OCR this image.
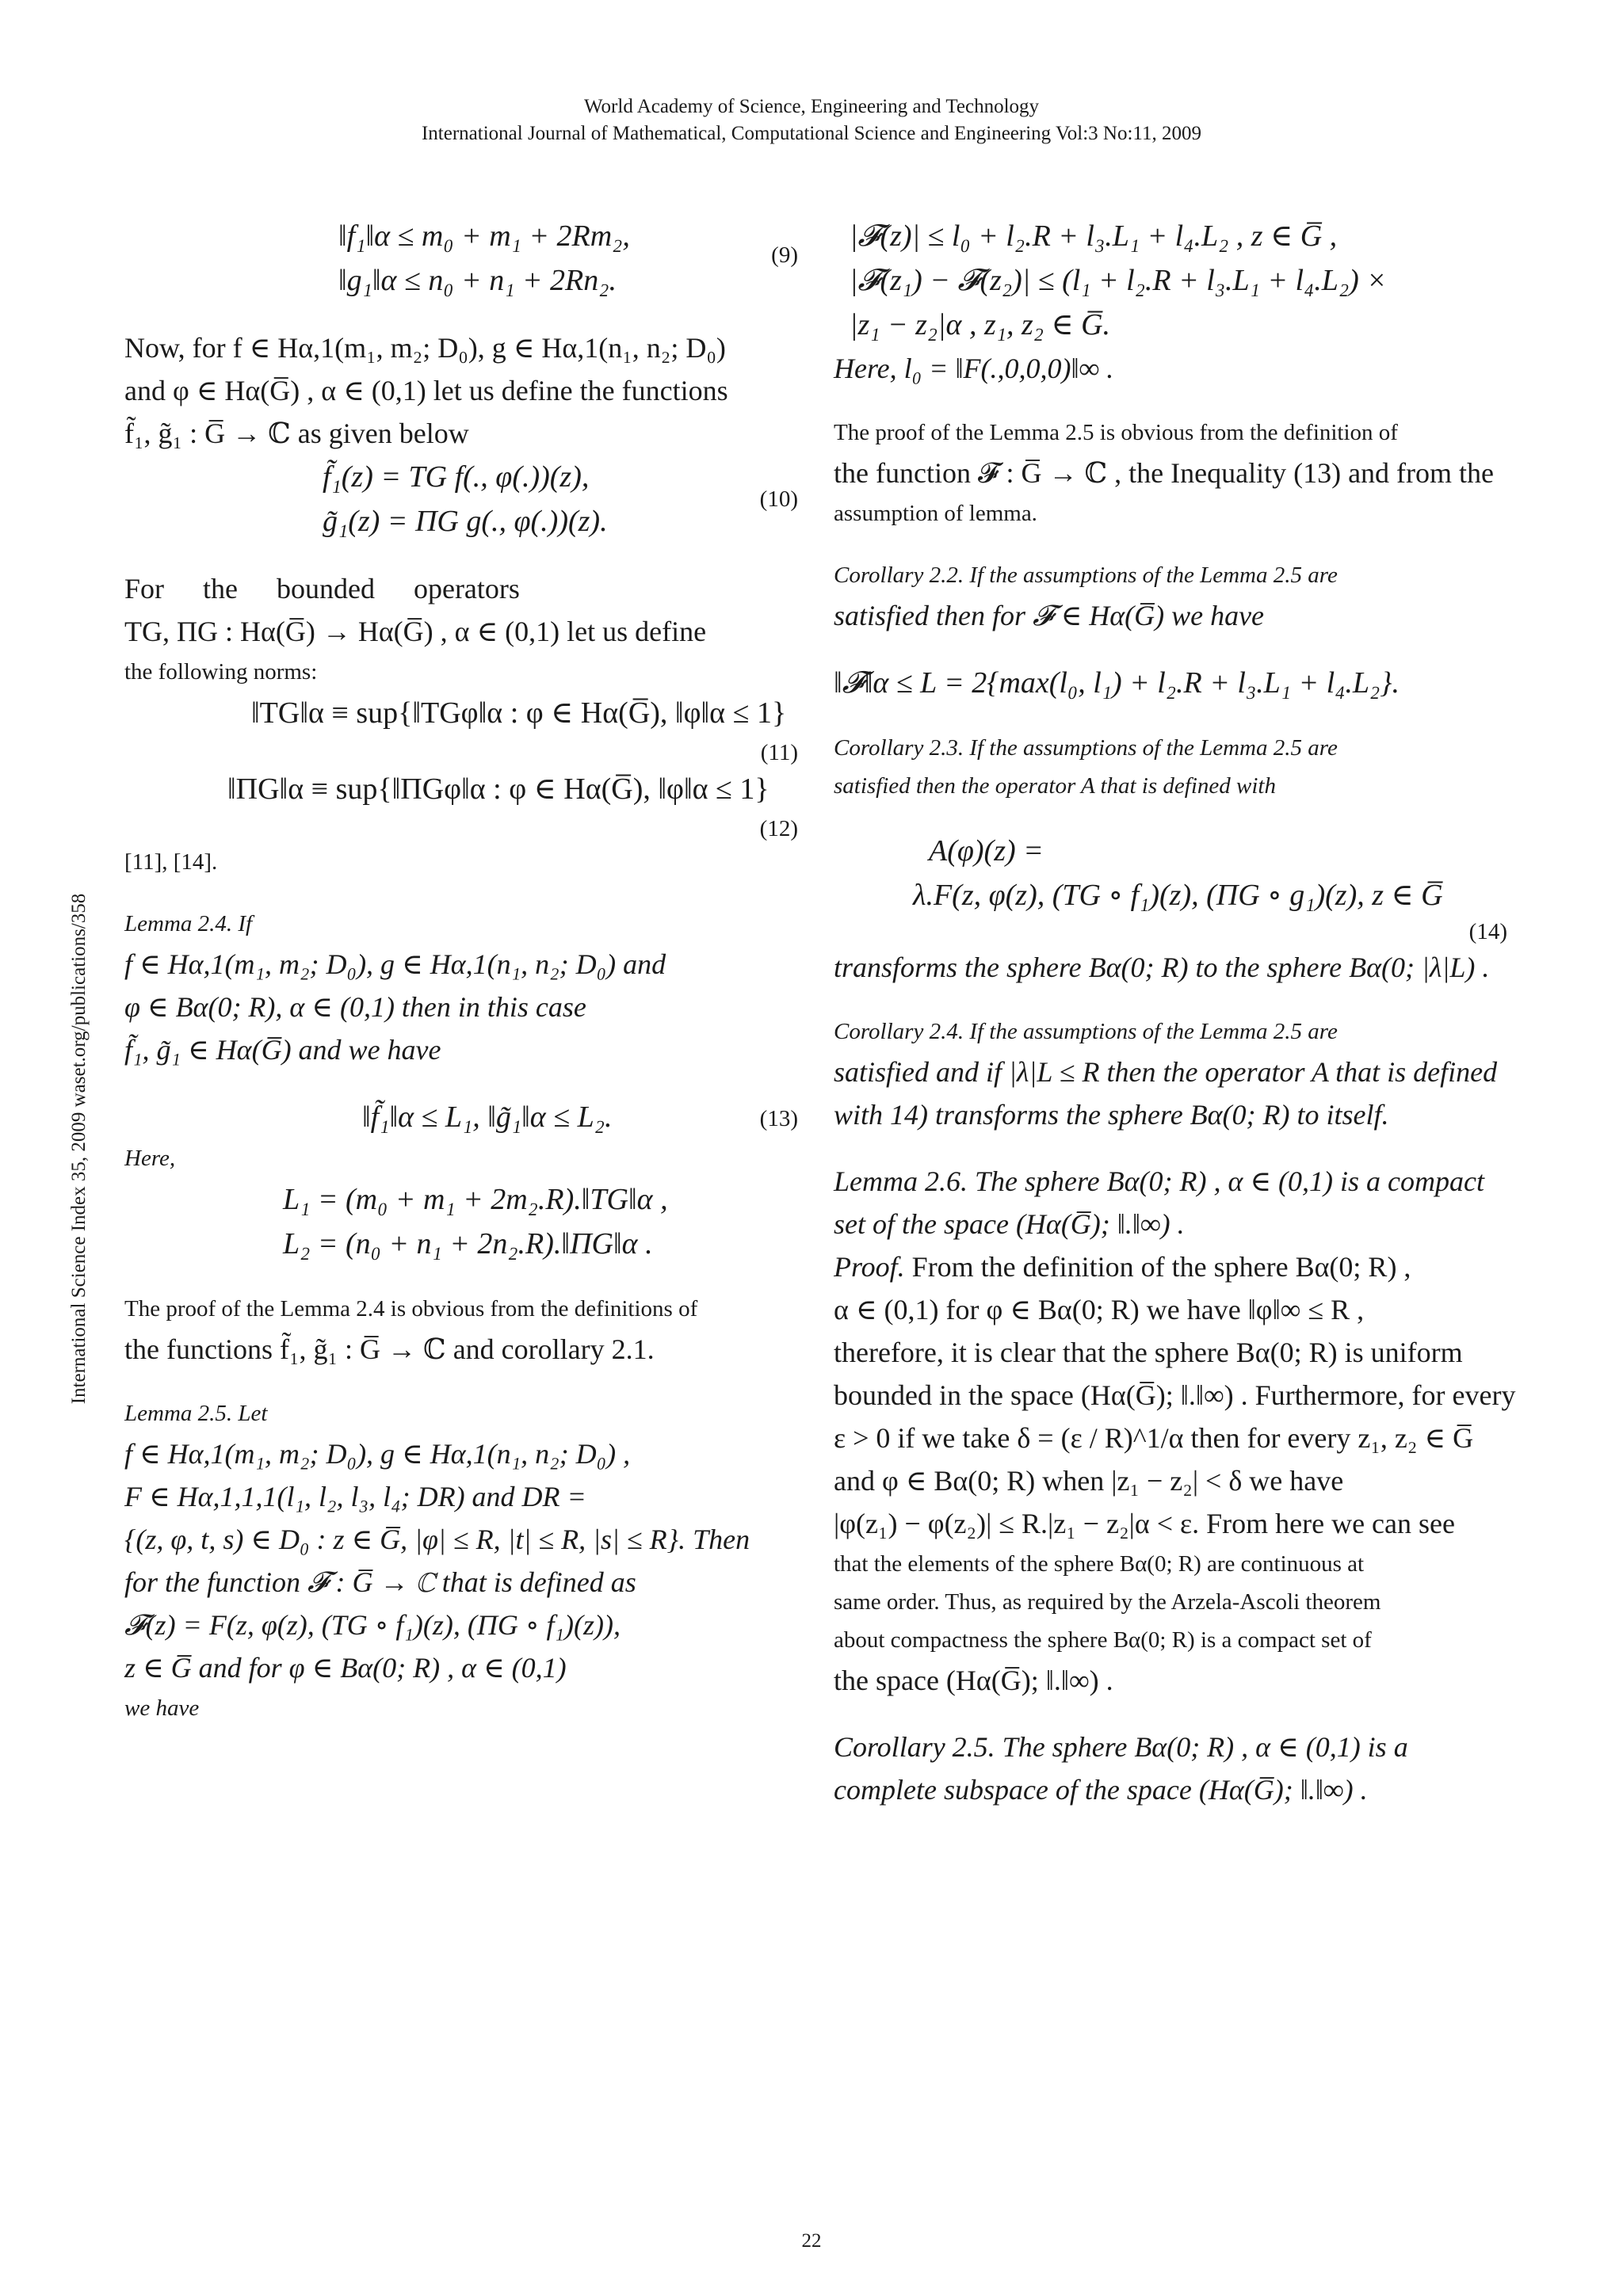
World Academy of Science, Engineering and Technology
International Journal of Mathematical, Computational Science and Engineering Vol:3 No:11, 2009
International Science Index 35, 2009 waset.org/publications/358
‖f₁‖α ≤ m₀ + m₁ + 2Rm₂,
‖g₁‖α ≤ n₀ + n₁ + 2Rn₂.
(9)
Now, for f ∈ Hα,1(m₁, m₂; D₀), g ∈ Hα,1(n₁, n₂; D₀)
and φ ∈ Hα(G̅) , α ∈ (0,1) let us define the functions
f̃₁, g̃₁ : G̅ → ℂ as given below
f̃₁(z) = TG f(., φ(.))(z),
g̃₁(z) = ΠG g(., φ(.))(z).
(10)
For the bounded operators
TG, ΠG : Hα(G̅) → Hα(G̅) , α ∈ (0,1) let us define
the following norms:
‖TG‖α ≡ sup{‖TGφ‖α : φ ∈ Hα(G̅), ‖φ‖α ≤ 1}
(11)
‖ΠG‖α ≡ sup{‖ΠGφ‖α : φ ∈ Hα(G̅), ‖φ‖α ≤ 1}
(12)
[11], [14].
Lemma 2.4. If
f ∈ Hα,1(m₁, m₂; D₀), g ∈ Hα,1(n₁, n₂; D₀) and
φ ∈ Bα(0; R), α ∈ (0,1) then in this case
f̃₁, g̃₁ ∈ Hα(G̅) and we have
‖f̃₁‖α ≤ L₁, ‖g̃₁‖α ≤ L₂.	(13)
Here,
L₁ = (m₀ + m₁ + 2m₂.R).‖TG‖α ,
L₂ = (n₀ + n₁ + 2n₂.R).‖ΠG‖α .
The proof of the Lemma 2.4 is obvious from the definitions of
the functions f̃₁, g̃₁ : G̅ → ℂ and corollary 2.1.
Lemma 2.5. Let
f ∈ Hα,1(m₁, m₂; D₀), g ∈ Hα,1(n₁, n₂; D₀) ,
F ∈ Hα,1,1,1(l₁, l₂, l₃, l₄; DR) and DR =
{(z, φ, t, s) ∈ D₀ : z ∈ G̅, |φ| ≤ R, |t| ≤ R, |s| ≤ R}. Then
for the function 𝓕 : G̅ → ℂ that is defined as
𝓕(z) = F(z, φ(z), (TG ∘ f₁)(z), (ΠG ∘ f₁)(z)),
z ∈ G̅ and for φ ∈ Bα(0; R) , α ∈ (0,1)
we have
|𝓕(z)| ≤ l₀ + l₂.R + l₃.L₁ + l₄.L₂ , z ∈ G̅ ,
|𝓕(z₁) − 𝓕(z₂)| ≤ (l₁ + l₂.R + l₃.L₁ + l₄.L₂) ×
|z₁ − z₂|α , z₁, z₂ ∈ G̅.
Here, l₀ = ‖F(.,0,0,0)‖∞ .
The proof of the Lemma 2.5 is obvious from the definition of
the function 𝓕 : G̅ → ℂ , the Inequality (13) and from the
assumption of lemma.
Corollary 2.2. If the assumptions of the Lemma 2.5 are
satisfied then for 𝓕 ∈ Hα(G̅) we have
‖𝓕‖α ≤ L = 2{max(l₀, l₁) + l₂.R + l₃.L₁ + l₄.L₂}.
Corollary 2.3. If the assumptions of the Lemma 2.5 are
satisfied then the operator A that is defined with
A(φ)(z) =
λ.F(z, φ(z), (TG ∘ f₁)(z), (ΠG ∘ g₁)(z), z ∈ G̅
(14)
transforms the sphere Bα(0; R) to the sphere Bα(0; |λ|L) .
Corollary 2.4. If the assumptions of the Lemma 2.5 are
satisfied and if |λ|L ≤ R then the operator A that is defined
with 14) transforms the sphere Bα(0; R) to itself.
Lemma 2.6. The sphere Bα(0; R) , α ∈ (0,1) is a compact
set of the space (Hα(G̅); ‖.‖∞) .
Proof. From the definition of the sphere Bα(0; R) ,
α ∈ (0,1) for φ ∈ Bα(0; R) we have ‖φ‖∞ ≤ R ,
therefore, it is clear that the sphere Bα(0; R) is uniform
bounded in the space (Hα(G̅); ‖.‖∞) . Furthermore, for every
ε > 0 if we take δ = (ε / R)^1/α then for every z₁, z₂ ∈ G̅
and φ ∈ Bα(0; R) when |z₁ − z₂| < δ we have
|φ(z₁) − φ(z₂)| ≤ R.|z₁ − z₂|α < ε. From here we can see
that the elements of the sphere Bα(0; R) are continuous at
same order. Thus, as required by the Arzela-Ascoli theorem
about compactness the sphere Bα(0; R) is a compact set of
the space (Hα(G̅); ‖.‖∞) .
Corollary 2.5. The sphere Bα(0; R) , α ∈ (0,1) is a
complete subspace of the space (Hα(G̅); ‖.‖∞) .
22
